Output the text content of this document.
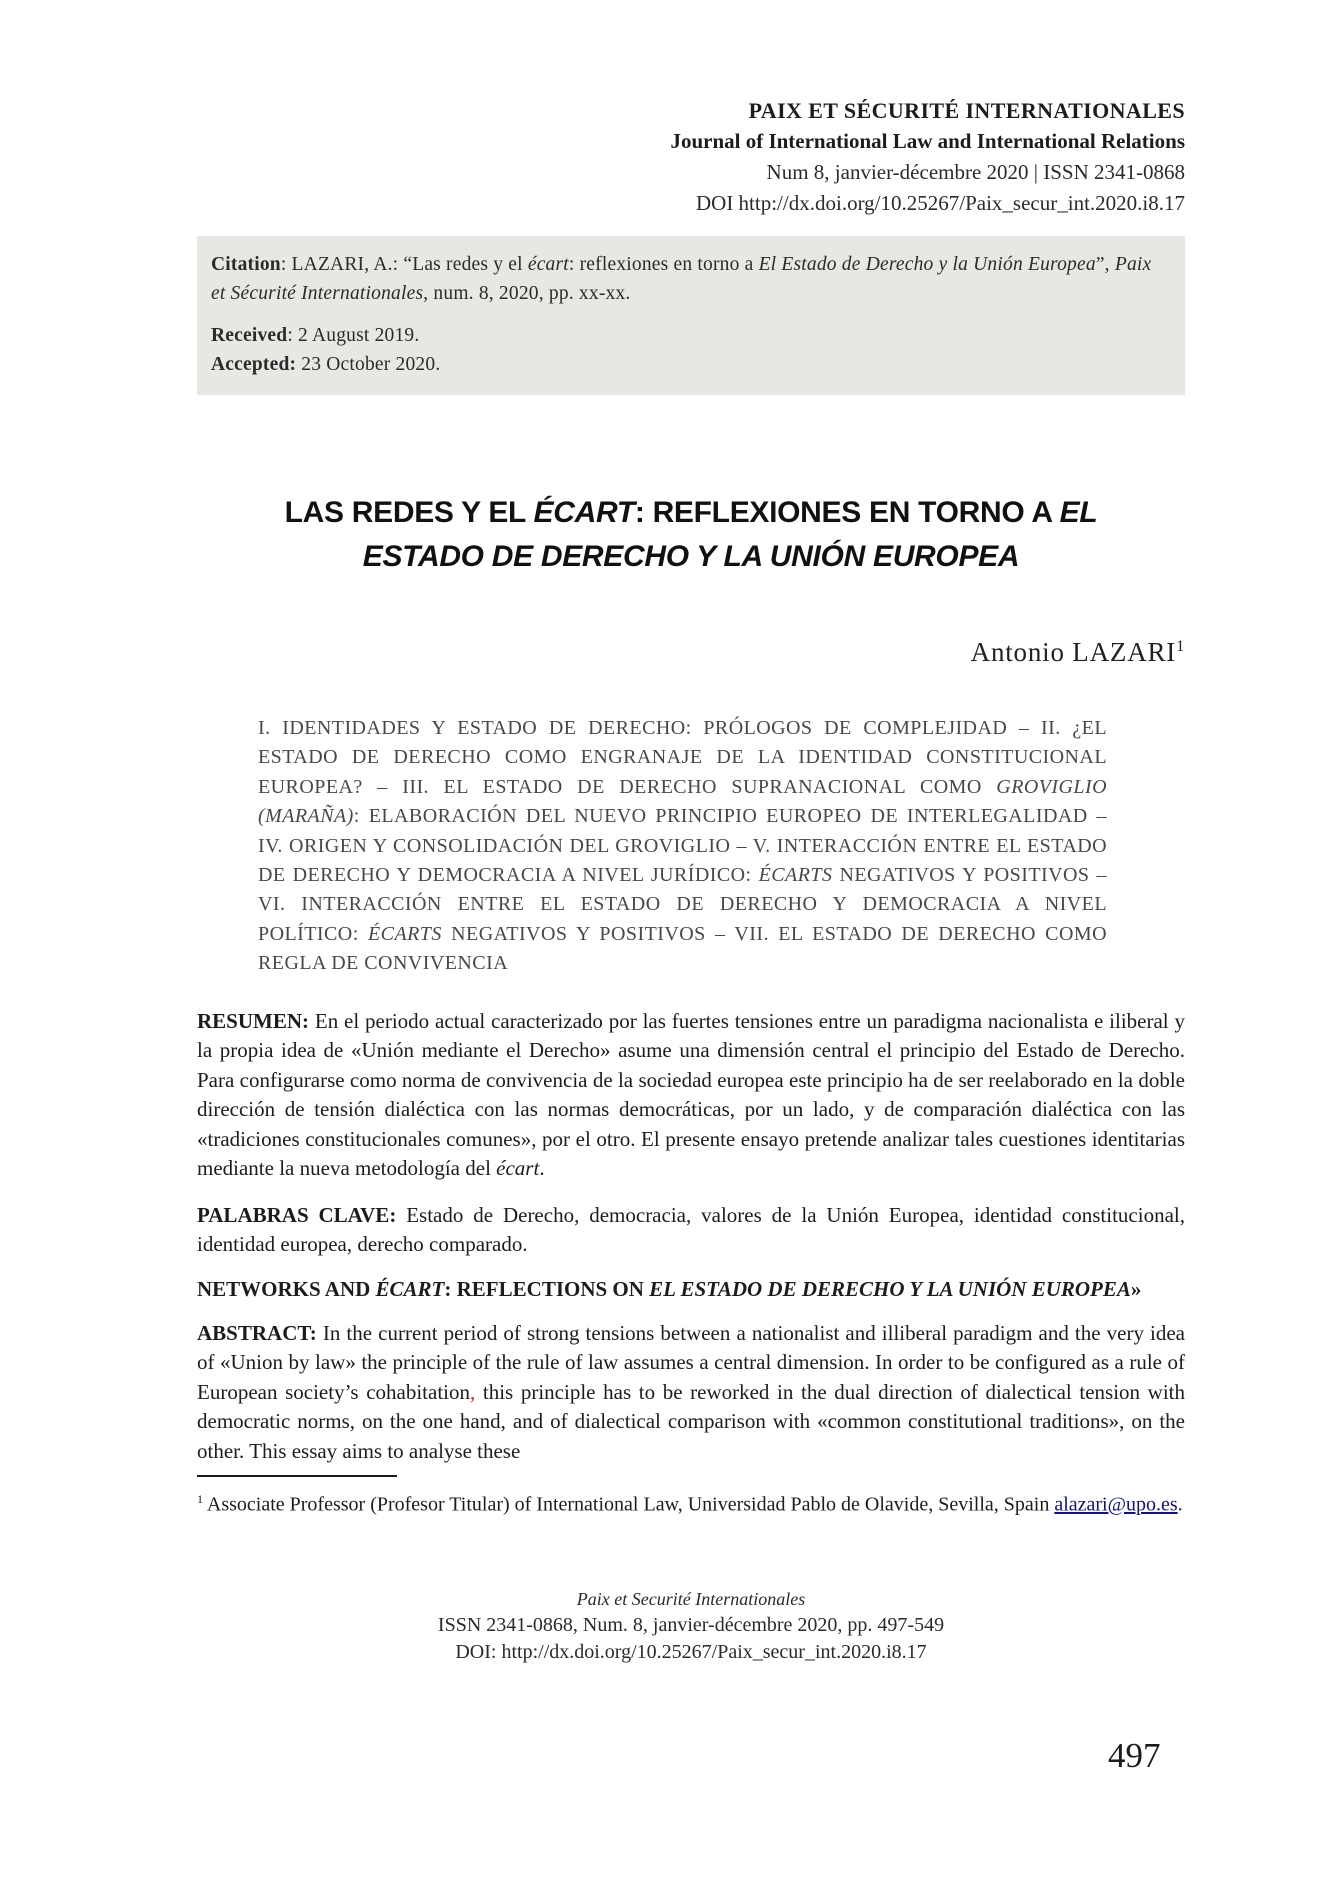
PAIX ET SÉCURITÉ INTERNATIONALES
Journal of International Law and International Relations
Num 8, janvier-décembre 2020 | ISSN 2341-0868
DOI http://dx.doi.org/10.25267/Paix_secur_int.2020.i8.17

Citation: LAZARI, A.: “Las redes y el écart: reflexiones en torno a El Estado de Derecho y la Unión Europea”, Paix et Sécurité Internationales, num. 8, 2020, pp. xx-xx.

Received: 2 August 2019.

Accepted: 23 October 2020.

LAS REDES Y EL ÉCART: REFLEXIONES EN TORNO A EL
ESTADO DE DERECHO Y LA UNIÓN EUROPEA
Antonio LAZARI$^1$

I. IDENTIDADES Y ESTADO DE DERECHO: PRÓLOGOS DE COMPLEJIDAD – II. ¿EL ESTADO DE DERECHO COMO ENGRANAJE DE LA IDENTIDAD CONSTITUCIONAL EUROPEA? – III. EL ESTADO DE DERECHO SUPRANACIONAL COMO GROVIGLIO (MARAÑA): ELABORACIÓN DEL NUEVO PRINCIPIO EUROPEO DE INTERLEGALIDAD – IV. ORIGEN Y CONSOLIDACIÓN DEL GROVIGLIO – V. INTERACCIÓN ENTRE EL ESTADO DE DERECHO Y DEMOCRACIA A NIVEL JURÍDICO: ÉCARTS NEGATIVOS Y POSITIVOS – VI. INTERACCIÓN ENTRE EL ESTADO DE DERECHO Y DEMOCRACIA A NIVEL POLÍTICO: ÉCARTS NEGATIVOS Y POSITIVOS – VII. EL ESTADO DE DERECHO COMO REGLA DE CONVIVENCIA

RESUMEN: En el periodo actual caracterizado por las fuertes tensiones entre un paradigma nacionalista e iliberal y la propia idea de «Unión mediante el Derecho» asume una dimensión central el principio del Estado de Derecho. Para configurarse como norma de convivencia de la sociedad europea este principio ha de ser reelaborado en la doble dirección de tensión dialéctica con las normas democráticas, por un lado, y de comparación dialéctica con las «tradiciones constitucionales comunes», por el otro. El presente ensayo pretende analizar tales cuestiones identitarias mediante la nueva metodología del écart.

PALABRAS CLAVE: Estado de Derecho, democracia, valores de la Unión Europea, identidad constitucional, identidad europea, derecho comparado.

NETWORKS AND ÉCART: REFLECTIONS ON EL ESTADO DE DERECHO Y LA UNIÓN EUROPEA»

ABSTRACT: In the current period of strong tensions between a nationalist and illiberal paradigm and the very idea of «Union by law» the principle of the rule of law assumes a central dimension. In order to be configured as a rule of European society’s cohabitation, this principle has to be reworked in the dual direction of dialectical tension with democratic norms, on the one hand, and of dialectical comparison with «common constitutional traditions», on the other. This essay aims to analyse these

$^1$ Associate Professor (Profesor Titular) of International Law, Universidad Pablo de Olavide, Sevilla, Spain alazari@upo.es.

Paix et Securité Internationales
ISSN 2341-0868, Num. 8, janvier-décembre 2020, pp. 497-549
DOI: http://dx.doi.org/10.25267/Paix_secur_int.2020.i8.17
497
